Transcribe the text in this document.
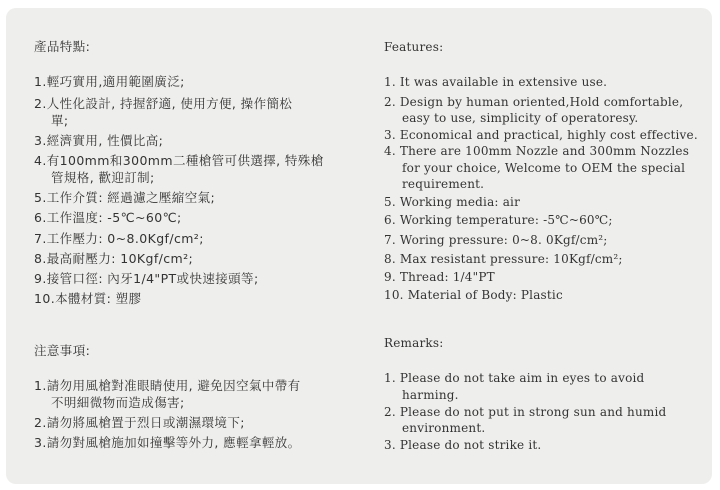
產品特點:
1.輕巧實用,適用範圍廣泛;
2.人性化設計, 持握舒適, 使用方便, 操作簡松
單;
3.經濟實用, 性價比高;
4.有100mm和300mm二種槍管可供選擇, 特殊槍
管規格, 歡迎訂制;
5.工作介質: 經過濾之壓縮空氣;
6.工作溫度: -5℃~60℃;
7.工作壓力: 0~8.0Kgf/cm²;
8.最高耐壓力: 10Kgf/cm²;
9.接管口徑: 內牙1/4"PT或快速接頭等;
10.本體材質: 塑膠
注意事項:
1.請勿用風槍對准眼睛使用, 避免因空氣中帶有
不明細微物而造成傷害;
2.請勿將風槍置于烈日或潮濕環境下;
3.請勿對風槍施加如撞擊等外力, 應輕拿輕放。
Features:
1. It was available in extensive use.
2. Design by human oriented,Hold comfortable,
easy to use, simplicity of operatoresy.
3. Economical and practical, highly cost effective.
4. There are 100mm Nozzle and 300mm Nozzles
for your choice, Welcome to OEM the special
requirement.
5. Working media: air
6. Working temperature: -5℃~60℃;
7. Woring pressure: 0~8. 0Kgf/cm²;
8. Max resistant pressure: 10Kgf/cm²;
9. Thread: 1/4"PT
10. Material of Body: Plastic
Remarks:
1. Please do not take aim in eyes to avoid
harming.
2. Please do not put in strong sun and humid
environment.
3. Please do not strike it.
